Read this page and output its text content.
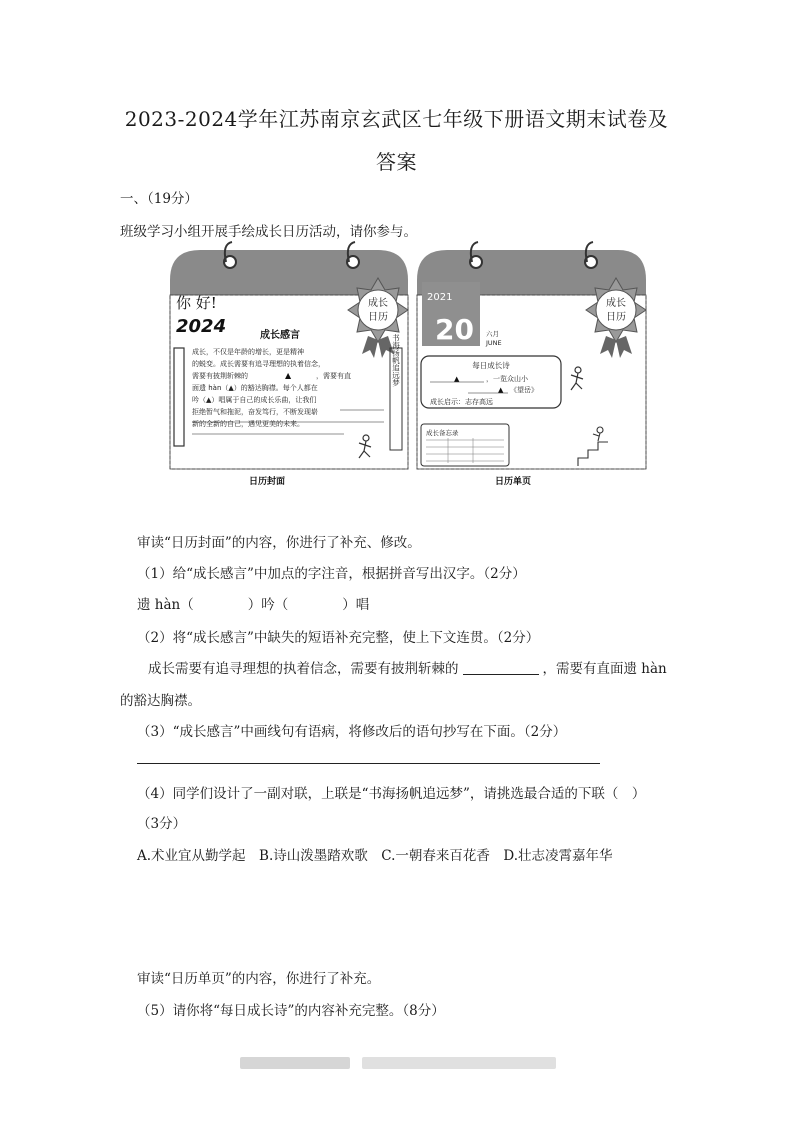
2023-2024学年江苏南京玄武区七年级下册语文期末试卷及
答案
一、（19分）
班级学习小组开展手绘成长日历活动，请你参与。
成长
日历
你 好!
2024	成长感言
成长，不仅是年龄的增长，更是精神
的蜕变。成长需要有追寻理想的执着信念，
需要有披荆斩棘的	，需要有直
面遗 hàn（▲）的豁达胸襟。每个人都在
吟（▲）唱属于自己的成长乐曲，让我们
拒绝暂气和拖泥，奋发笃行，不断发现崭
新的全新的自己，遇见更美的未来。
▲	书海扬帆追远梦
日历封面
2021
20 六月
JUNE
成长
日历
每日成长诗
▲	，一览众山小
▲ 《望岳》
成长启示：志存高远
成长备忘录
日历单页
审读“日历封面”的内容，你进行了补充、修改。
（1）给“成长感言”中加点的字注音，根据拼音写出汉字。（2分）
遗 hàn（　　　　）吟（　　　　）唱
（2）将“成长感言”中缺失的短语补充完整，使上下文连贯。（2分）
成长需要有追寻理想的执着信念，需要有披荆斩棘的	，需要有直面遗 hàn
的豁达胸襟。
（3）“成长感言”中画线句有语病，将修改后的语句抄写在下面。（2分）
（4）同学们设计了一副对联，上联是“书海扬帆追远梦”，请挑选最合适的下联（　）
（3分）
A.术业宜从勤学起　B.诗山泼墨踏欢歌　C.一朝春来百花香　D.壮志凌霄嘉年华
审读“日历单页”的内容，你进行了补充。
（5）请你将“每日成长诗”的内容补充完整。（8分）
